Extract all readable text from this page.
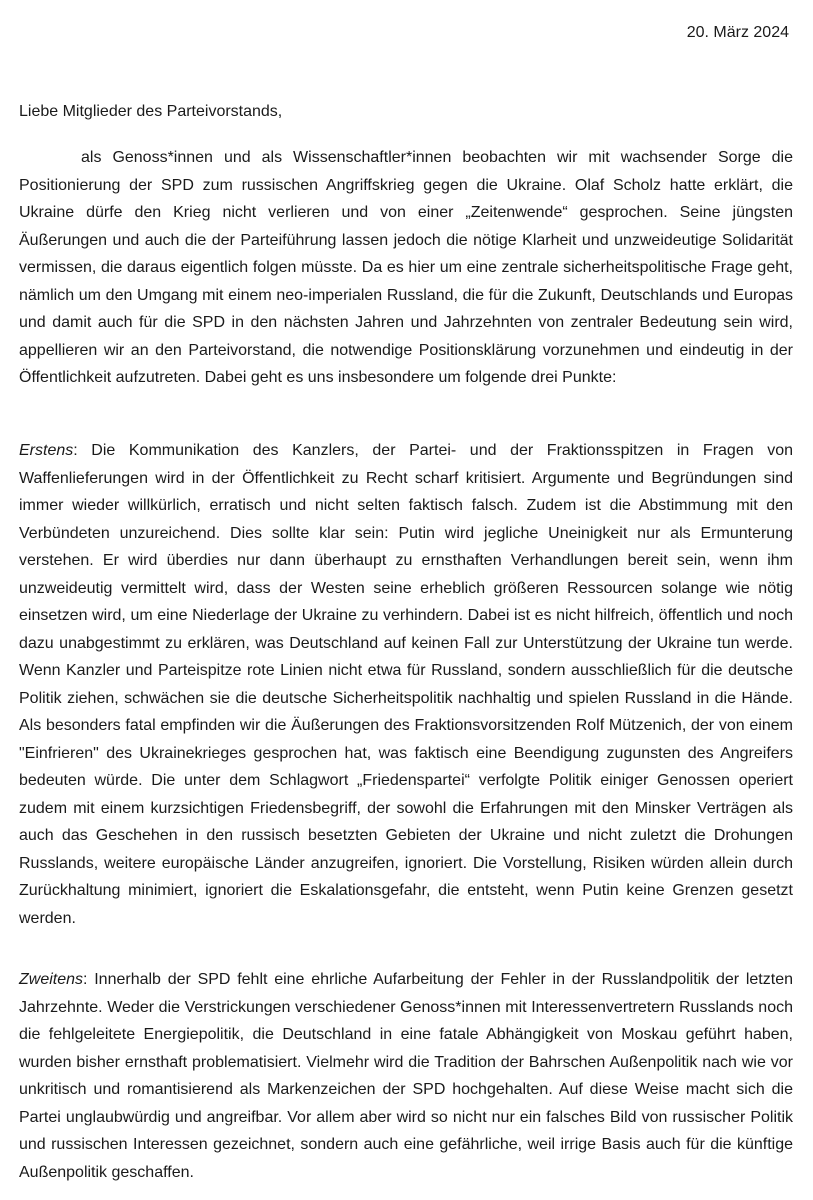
20. März 2024
Liebe Mitglieder des Parteivorstands,

als Genoss*innen und als Wissenschaftler*innen beobachten wir mit wachsender Sorge die Positionierung der SPD zum russischen Angriffskrieg gegen die Ukraine. Olaf Scholz hatte erklärt, die Ukraine dürfe den Krieg nicht verlieren und von einer „Zeitenwende“ gesprochen. Seine jüngsten Äußerungen und auch die der Parteiführung lassen jedoch die nötige Klarheit und unzweideutige Solidarität vermissen, die daraus eigentlich folgen müsste. Da es hier um eine zentrale sicherheitspolitische Frage geht, nämlich um den Umgang mit einem neo-imperialen Russland, die für die Zukunft, Deutschlands und Europas und damit auch für die SPD in den nächsten Jahren und Jahrzehnten von zentraler Bedeutung sein wird, appellieren wir an den Parteivorstand, die notwendige Positionsklärung vorzunehmen und eindeutig in der Öffentlichkeit aufzutreten. Dabei geht es uns insbesondere um folgende drei Punkte:

Erstens: Die Kommunikation des Kanzlers, der Partei- und der Fraktionsspitzen in Fragen von Waffenlieferungen wird in der Öffentlichkeit zu Recht scharf kritisiert. Argumente und Begründungen sind immer wieder willkürlich, erratisch und nicht selten faktisch falsch. Zudem ist die Abstimmung mit den Verbündeten unzureichend. Dies sollte klar sein: Putin wird jegliche Uneinigkeit nur als Ermunterung verstehen. Er wird überdies nur dann überhaupt zu ernsthaften Verhandlungen bereit sein, wenn ihm unzweideutig vermittelt wird, dass der Westen seine erheblich größeren Ressourcen solange wie nötig einsetzen wird, um eine Niederlage der Ukraine zu verhindern. Dabei ist es nicht hilfreich, öffentlich und noch dazu unabgestimmt zu erklären, was Deutschland auf keinen Fall zur Unterstützung der Ukraine tun werde. Wenn Kanzler und Parteispitze rote Linien nicht etwa für Russland, sondern ausschließlich für die deutsche Politik ziehen, schwächen sie die deutsche Sicherheitspolitik nachhaltig und spielen Russland in die Hände. Als besonders fatal empfinden wir die Äußerungen des Fraktionsvorsitzenden Rolf Mützenich, der von einem "Einfrieren" des Ukrainekrieges gesprochen hat, was faktisch eine Beendigung zugunsten des Angreifers bedeuten würde. Die unter dem Schlagwort „Friedenspartei“ verfolgte Politik einiger Genossen operiert zudem mit einem kurzsichtigen Friedensbegriff, der sowohl die Erfahrungen mit den Minsker Verträgen als auch das Geschehen in den russisch besetzten Gebieten der Ukraine und nicht zuletzt die Drohungen Russlands, weitere europäische Länder anzugreifen, ignoriert. Die Vorstellung, Risiken würden allein durch Zurückhaltung minimiert, ignoriert die Eskalationsgefahr, die entsteht, wenn Putin keine Grenzen gesetzt werden.

Zweitens: Innerhalb der SPD fehlt eine ehrliche Aufarbeitung der Fehler in der Russlandpolitik der letzten Jahrzehnte. Weder die Verstrickungen verschiedener Genoss*innen mit Interessenvertretern Russlands noch die fehlgeleitete Energiepolitik, die Deutschland in eine fatale Abhängigkeit von Moskau geführt haben, wurden bisher ernsthaft problematisiert. Vielmehr wird die Tradition der Bahrschen Außenpolitik nach wie vor unkritisch und romantisierend als Markenzeichen der SPD hochgehalten. Auf diese Weise macht sich die Partei unglaubwürdig und angreifbar. Vor allem aber wird so nicht nur ein falsches Bild von russischer Politik und russischen Interessen gezeichnet, sondern auch eine gefährliche, weil irrige Basis auch für die künftige Außenpolitik geschaffen.
